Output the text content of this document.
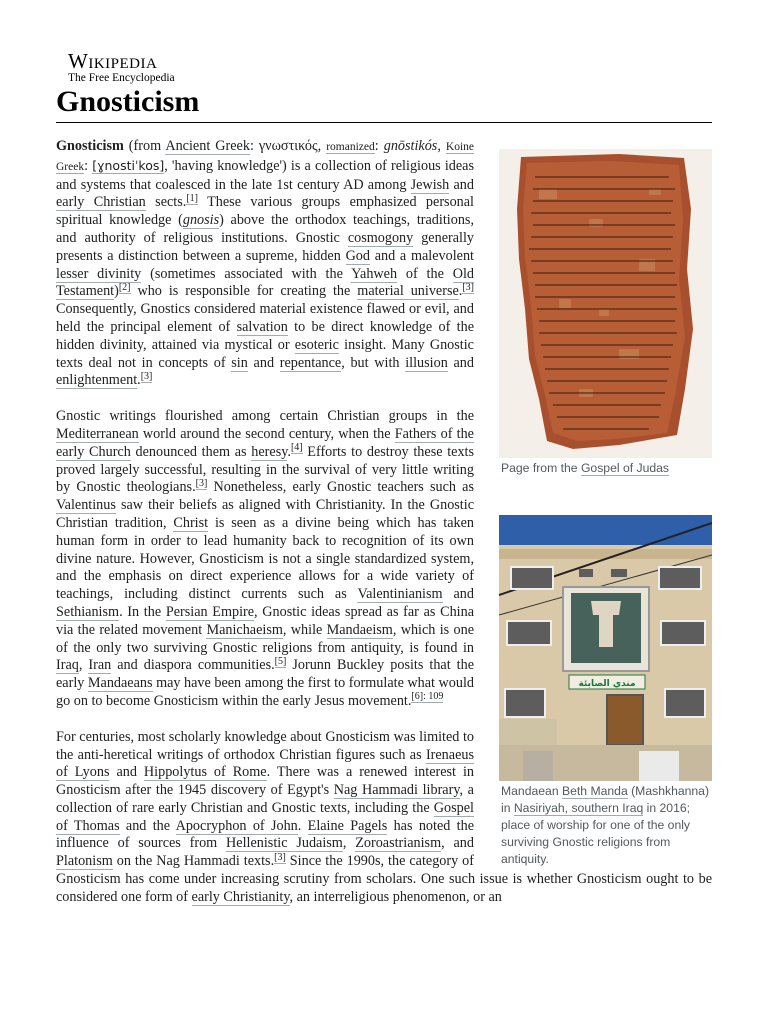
Wikipedia
The Free Encyclopedia
Gnosticism
Page from the Gospel of Judas

Gnosticism (from Ancient Greek: γνωστικός, romanized: gnōstikós, Koine Greek: [ɣnostiˈkos], 'having knowledge') is a collection of religious ideas and systems that coalesced in the late 1st century AD among Jewish and early Christian sects.[1] These various groups emphasized personal spiritual knowledge (gnosis) above the orthodox teachings, traditions, and authority of religious institutions. Gnostic cosmogony generally presents a distinction between a supreme, hidden God and a malevolent lesser divinity (sometimes associated with the Yahweh of the Old Testament)[2] who is responsible for creating the material universe.[3] Consequently, Gnostics considered material existence flawed or evil, and held the principal element of salvation to be direct knowledge of the hidden divinity, attained via mystical or esoteric insight. Many Gnostic texts deal not in concepts of sin and repentance, but with illusion and enlightenment.[3]

مندي الصابئة
Mandaean Beth Manda (Mashkhanna) in Nasiriyah, southern Iraq in 2016; place of worship for one of the only surviving Gnostic religions from antiquity.

Gnostic writings flourished among certain Christian groups in the Mediterranean world around the second century, when the Fathers of the early Church denounced them as heresy.[4] Efforts to destroy these texts proved largely successful, resulting in the survival of very little writing by Gnostic theologians.[3] Nonetheless, early Gnostic teachers such as Valentinus saw their beliefs as aligned with Christianity. In the Gnostic Christian tradition, Christ is seen as a divine being which has taken human form in order to lead humanity back to recognition of its own divine nature. However, Gnosticism is not a single standardized system, and the emphasis on direct experience allows for a wide variety of teachings, including distinct currents such as Valentinianism and Sethianism. In the Persian Empire, Gnostic ideas spread as far as China via the related movement Manichaeism, while Mandaeism, which is one of the only two surviving Gnostic religions from antiquity, is found in Iraq, Iran and diaspora communities.[5] Jorunn Buckley posits that the early Mandaeans may have been among the first to formulate what would go on to become Gnosticism within the early Jesus movement.$^{[6]: 109}$

For centuries, most scholarly knowledge about Gnosticism was limited to the anti-heretical writings of orthodox Christian figures such as Irenaeus of Lyons and Hippolytus of Rome. There was a renewed interest in Gnosticism after the 1945 discovery of Egypt's Nag Hammadi library, a collection of rare early Christian and Gnostic texts, including the Gospel of Thomas and the Apocryphon of John. Elaine Pagels has noted the influence of sources from Hellenistic Judaism, Zoroastrianism, and Platonism on the Nag Hammadi texts.[3] Since the 1990s, the category of Gnosticism has come under increasing scrutiny from scholars. One such issue is whether Gnosticism ought to be considered one form of early Christianity, an interreligious phenomenon, or an
